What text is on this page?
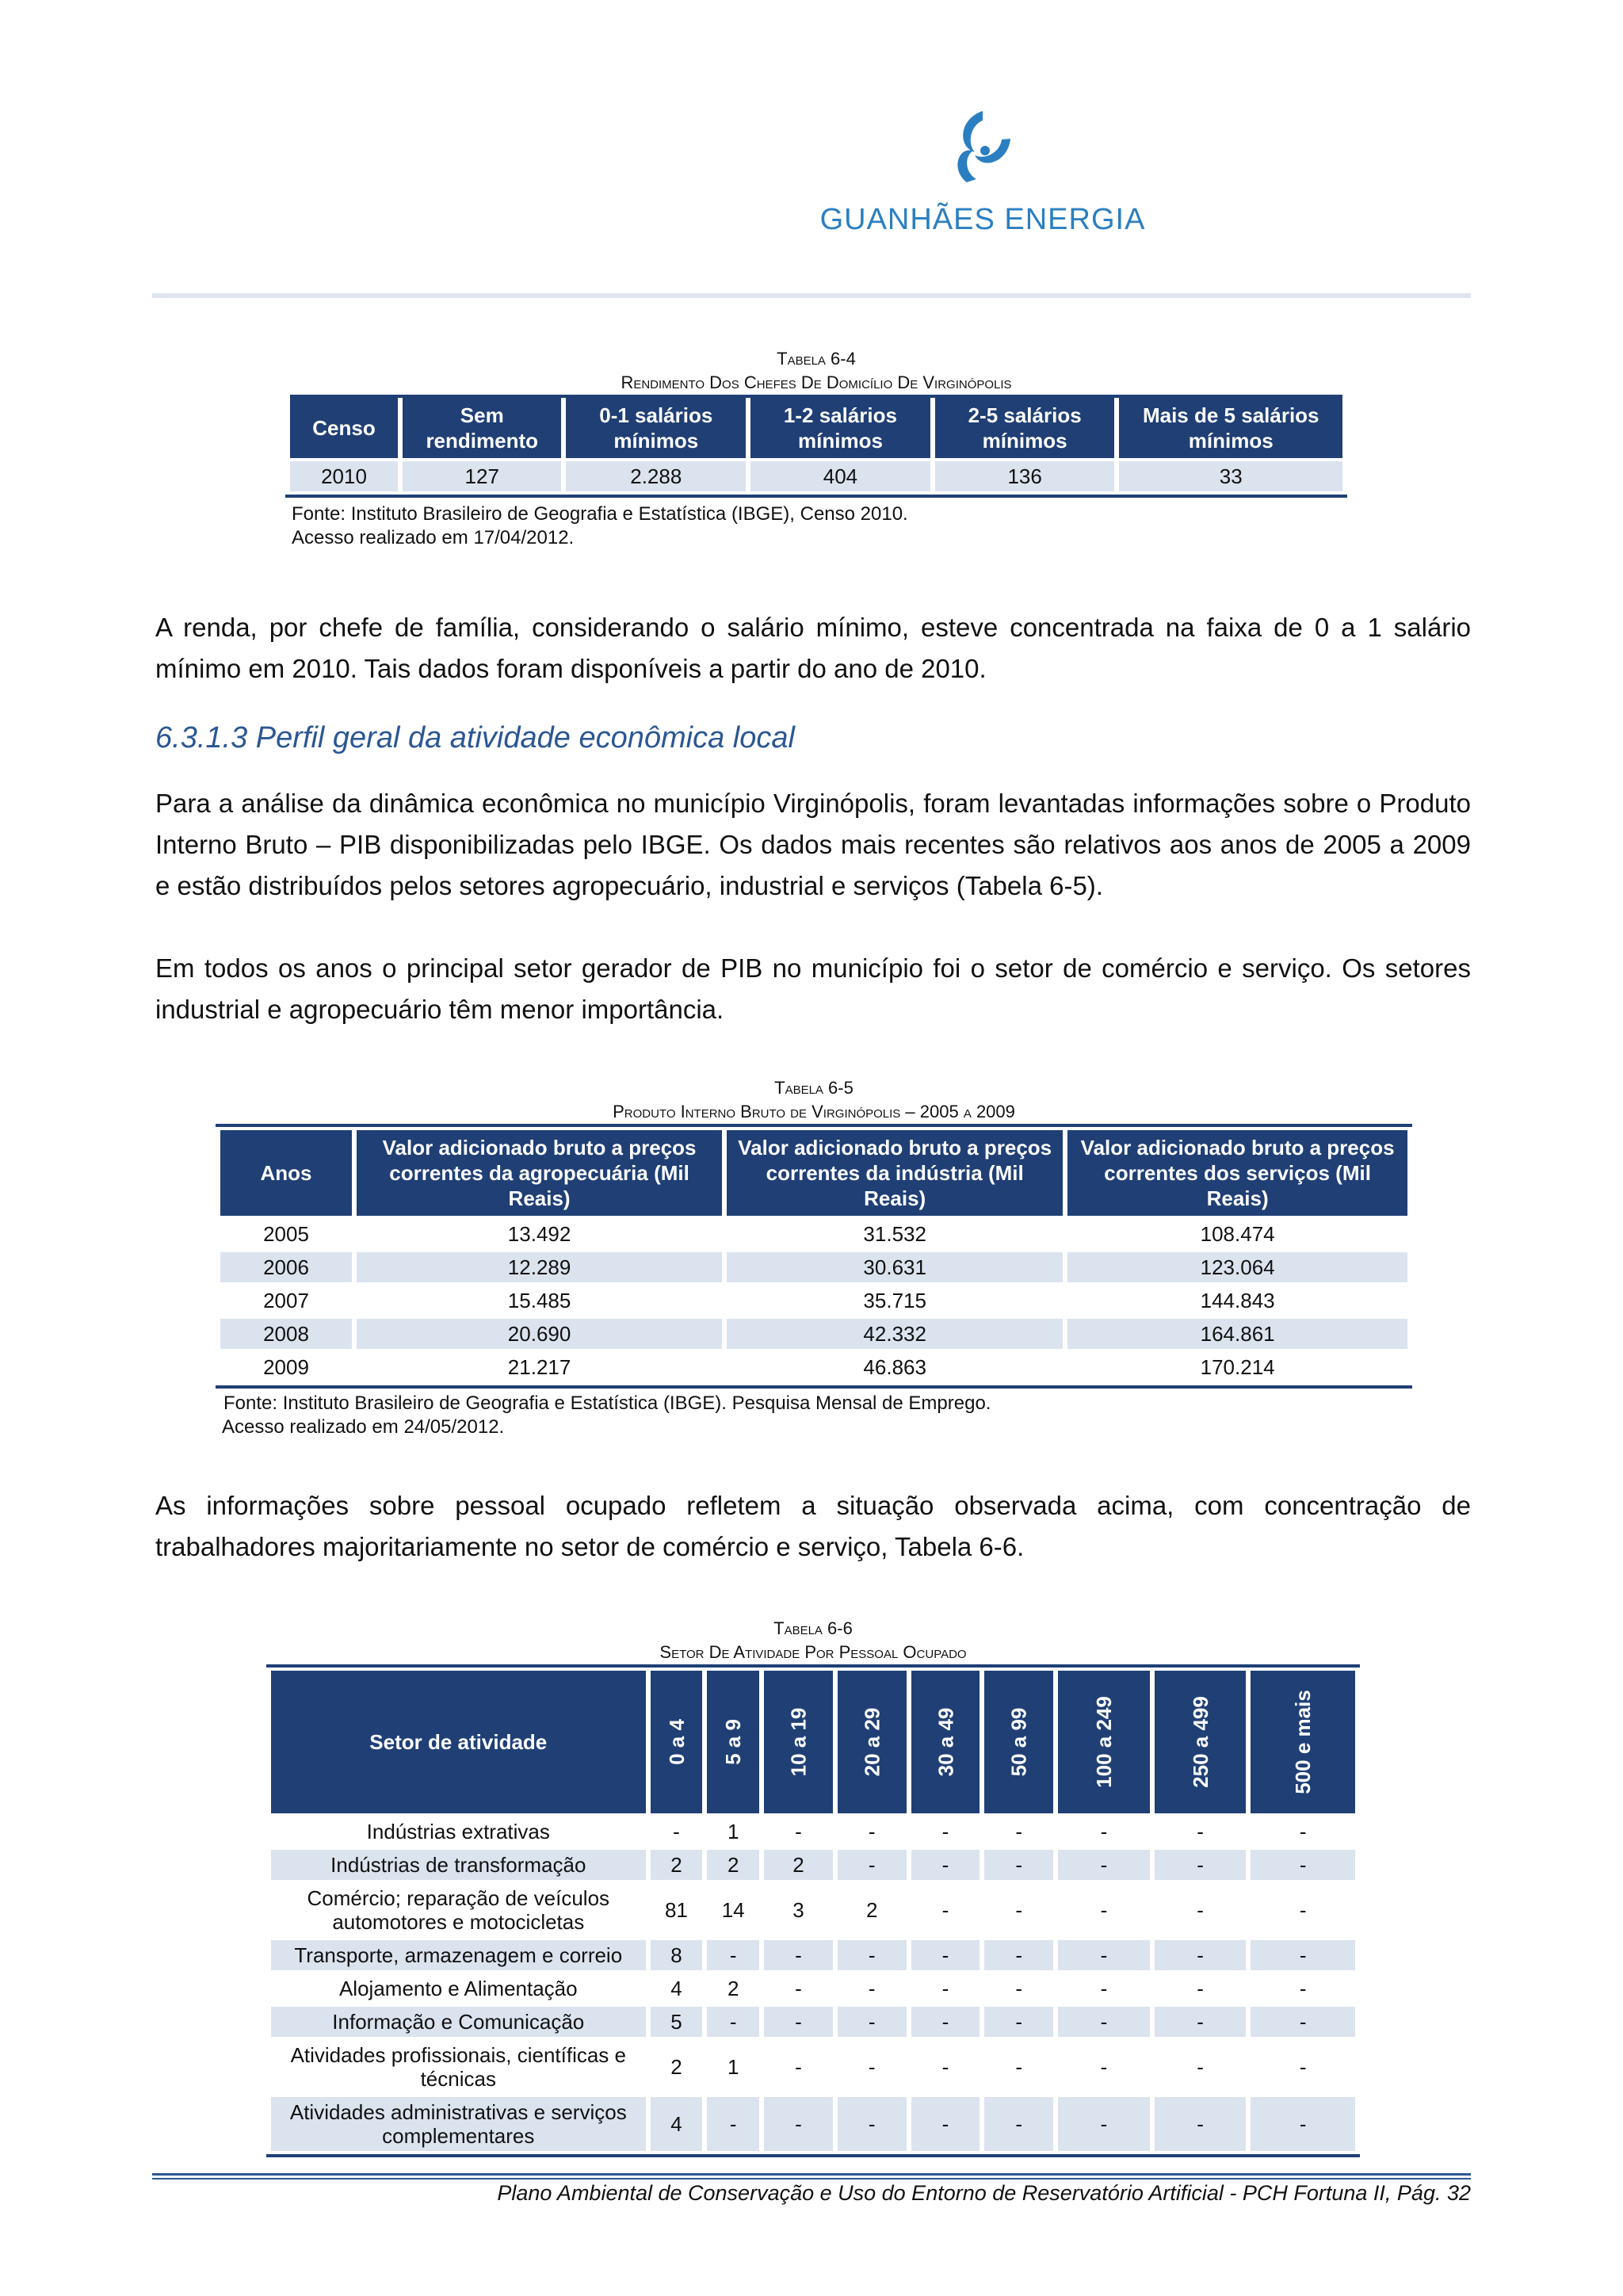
GUANHÃES ENERGIA
Tabela 6-4
Rendimento Dos Chefes De Domicílio De Virginópolis
Censo	Sem rendimento	0-1 salários mínimos	1-2 salários mínimos	2-5 salários mínimos	Mais de 5 salários mínimos
2010	127	2.288	404	136	33
Fonte: Instituto Brasileiro de Geografia e Estatística (IBGE), Censo 2010.
Acesso realizado em 17/04/2012.
A renda, por chefe de família, considerando o salário mínimo, esteve concentrada na faixa de 0 a 1 salário mínimo em 2010. Tais dados foram disponíveis a partir do ano de 2010.
6.3.1.3 Perfil geral da atividade econômica local
Para a análise da dinâmica econômica no município Virginópolis, foram levantadas informações sobre o Produto Interno Bruto – PIB disponibilizadas pelo IBGE. Os dados mais recentes são relativos aos anos de 2005 a 2009 e estão distribuídos pelos setores agropecuário, industrial e serviços (Tabela 6-5).
Em todos os anos o principal setor gerador de PIB no município foi o setor de comércio e serviço. Os setores industrial e agropecuário têm menor importância.
Tabela 6-5
Produto Interno Bruto de Virginópolis – 2005 a 2009
Anos	Valor adicionado bruto a preços correntes da agropecuária (Mil Reais)	Valor adicionado bruto a preços correntes da indústria (Mil Reais)	Valor adicionado bruto a preços correntes dos serviços (Mil Reais)
2005	13.492	31.532	108.474
2006	12.289	30.631	123.064
2007	15.485	35.715	144.843
2008	20.690	42.332	164.861
2009	21.217	46.863	170.214
Fonte: Instituto Brasileiro de Geografia e Estatística (IBGE). Pesquisa Mensal de Emprego.
Acesso realizado em 24/05/2012.
As informações sobre pessoal ocupado refletem a situação observada acima, com concentração de trabalhadores majoritariamente no setor de comércio e serviço, Tabela 6-6.
Tabela 6-6
Setor De Atividade Por Pessoal Ocupado
Setor de atividade	0 a 4	5 a 9	10 a 19	20 a 29	30 a 49	50 a 99	100 a 249	250 a 499	500 e mais
Indústrias extrativas	-	1	-	-	-	-	-	-	-
Indústrias de transformação	2	2	2	-	-	-	-	-	-
Comércio; reparação de veículos automotores e motocicletas	81	14	3	2	-	-	-	-	-
Transporte, armazenagem e correio	8	-	-	-	-	-	-	-	-
Alojamento e Alimentação	4	2	-	-	-	-	-	-	-
Informação e Comunicação	5	-	-	-	-	-	-	-	-
Atividades profissionais, científicas e técnicas	2	1	-	-	-	-	-	-	-
Atividades administrativas e serviços complementares	4	-	-	-	-	-	-	-	-
Plano Ambiental de Conservação e Uso do Entorno de Reservatório Artificial - PCH Fortuna II, Pág. 32
